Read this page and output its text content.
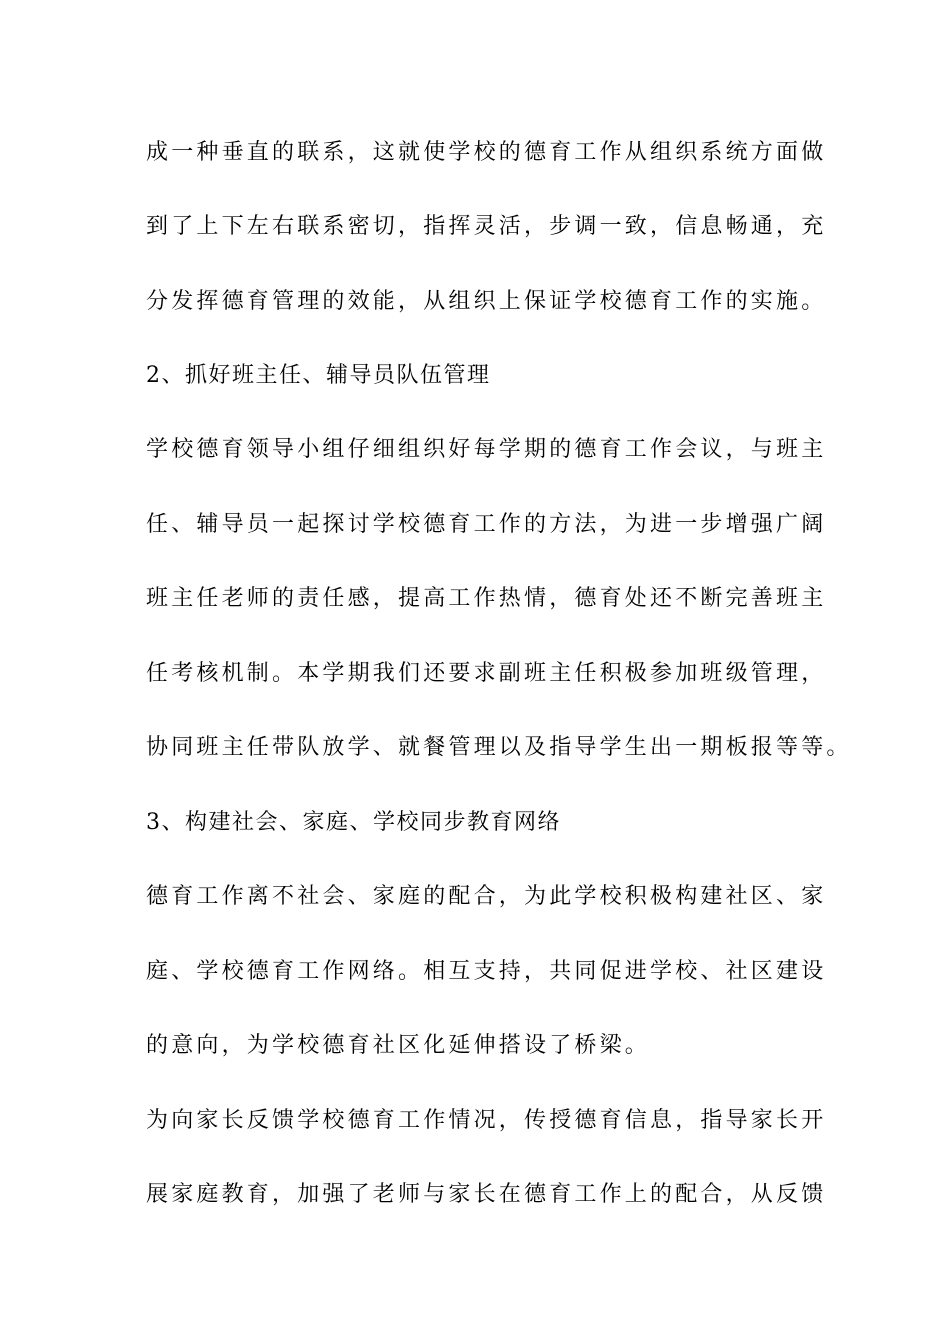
成一种垂直的联系，这就使学校的德育工作从组织系统方面做
到了上下左右联系密切，指挥灵活，步调一致，信息畅通，充
分发挥德育管理的效能，从组织上保证学校德育工作的实施。
2、抓好班主任、辅导员队伍管理
学校德育领导小组仔细组织好每学期的德育工作会议，与班主
任、辅导员一起探讨学校德育工作的方法，为进一步增强广阔
班主任老师的责任感，提高工作热情，德育处还不断完善班主
任考核机制。本学期我们还要求副班主任积极参加班级管理，
协同班主任带队放学、就餐管理以及指导学生出一期板报等等。
3、构建社会、家庭、学校同步教育网络
德育工作离不社会、家庭的配合，为此学校积极构建社区、家
庭、学校德育工作网络。相互支持，共同促进学校、社区建设
的意向，为学校德育社区化延伸搭设了桥梁。
为向家长反馈学校德育工作情况，传授德育信息，指导家长开
展家庭教育，加强了老师与家长在德育工作上的配合，从反馈
